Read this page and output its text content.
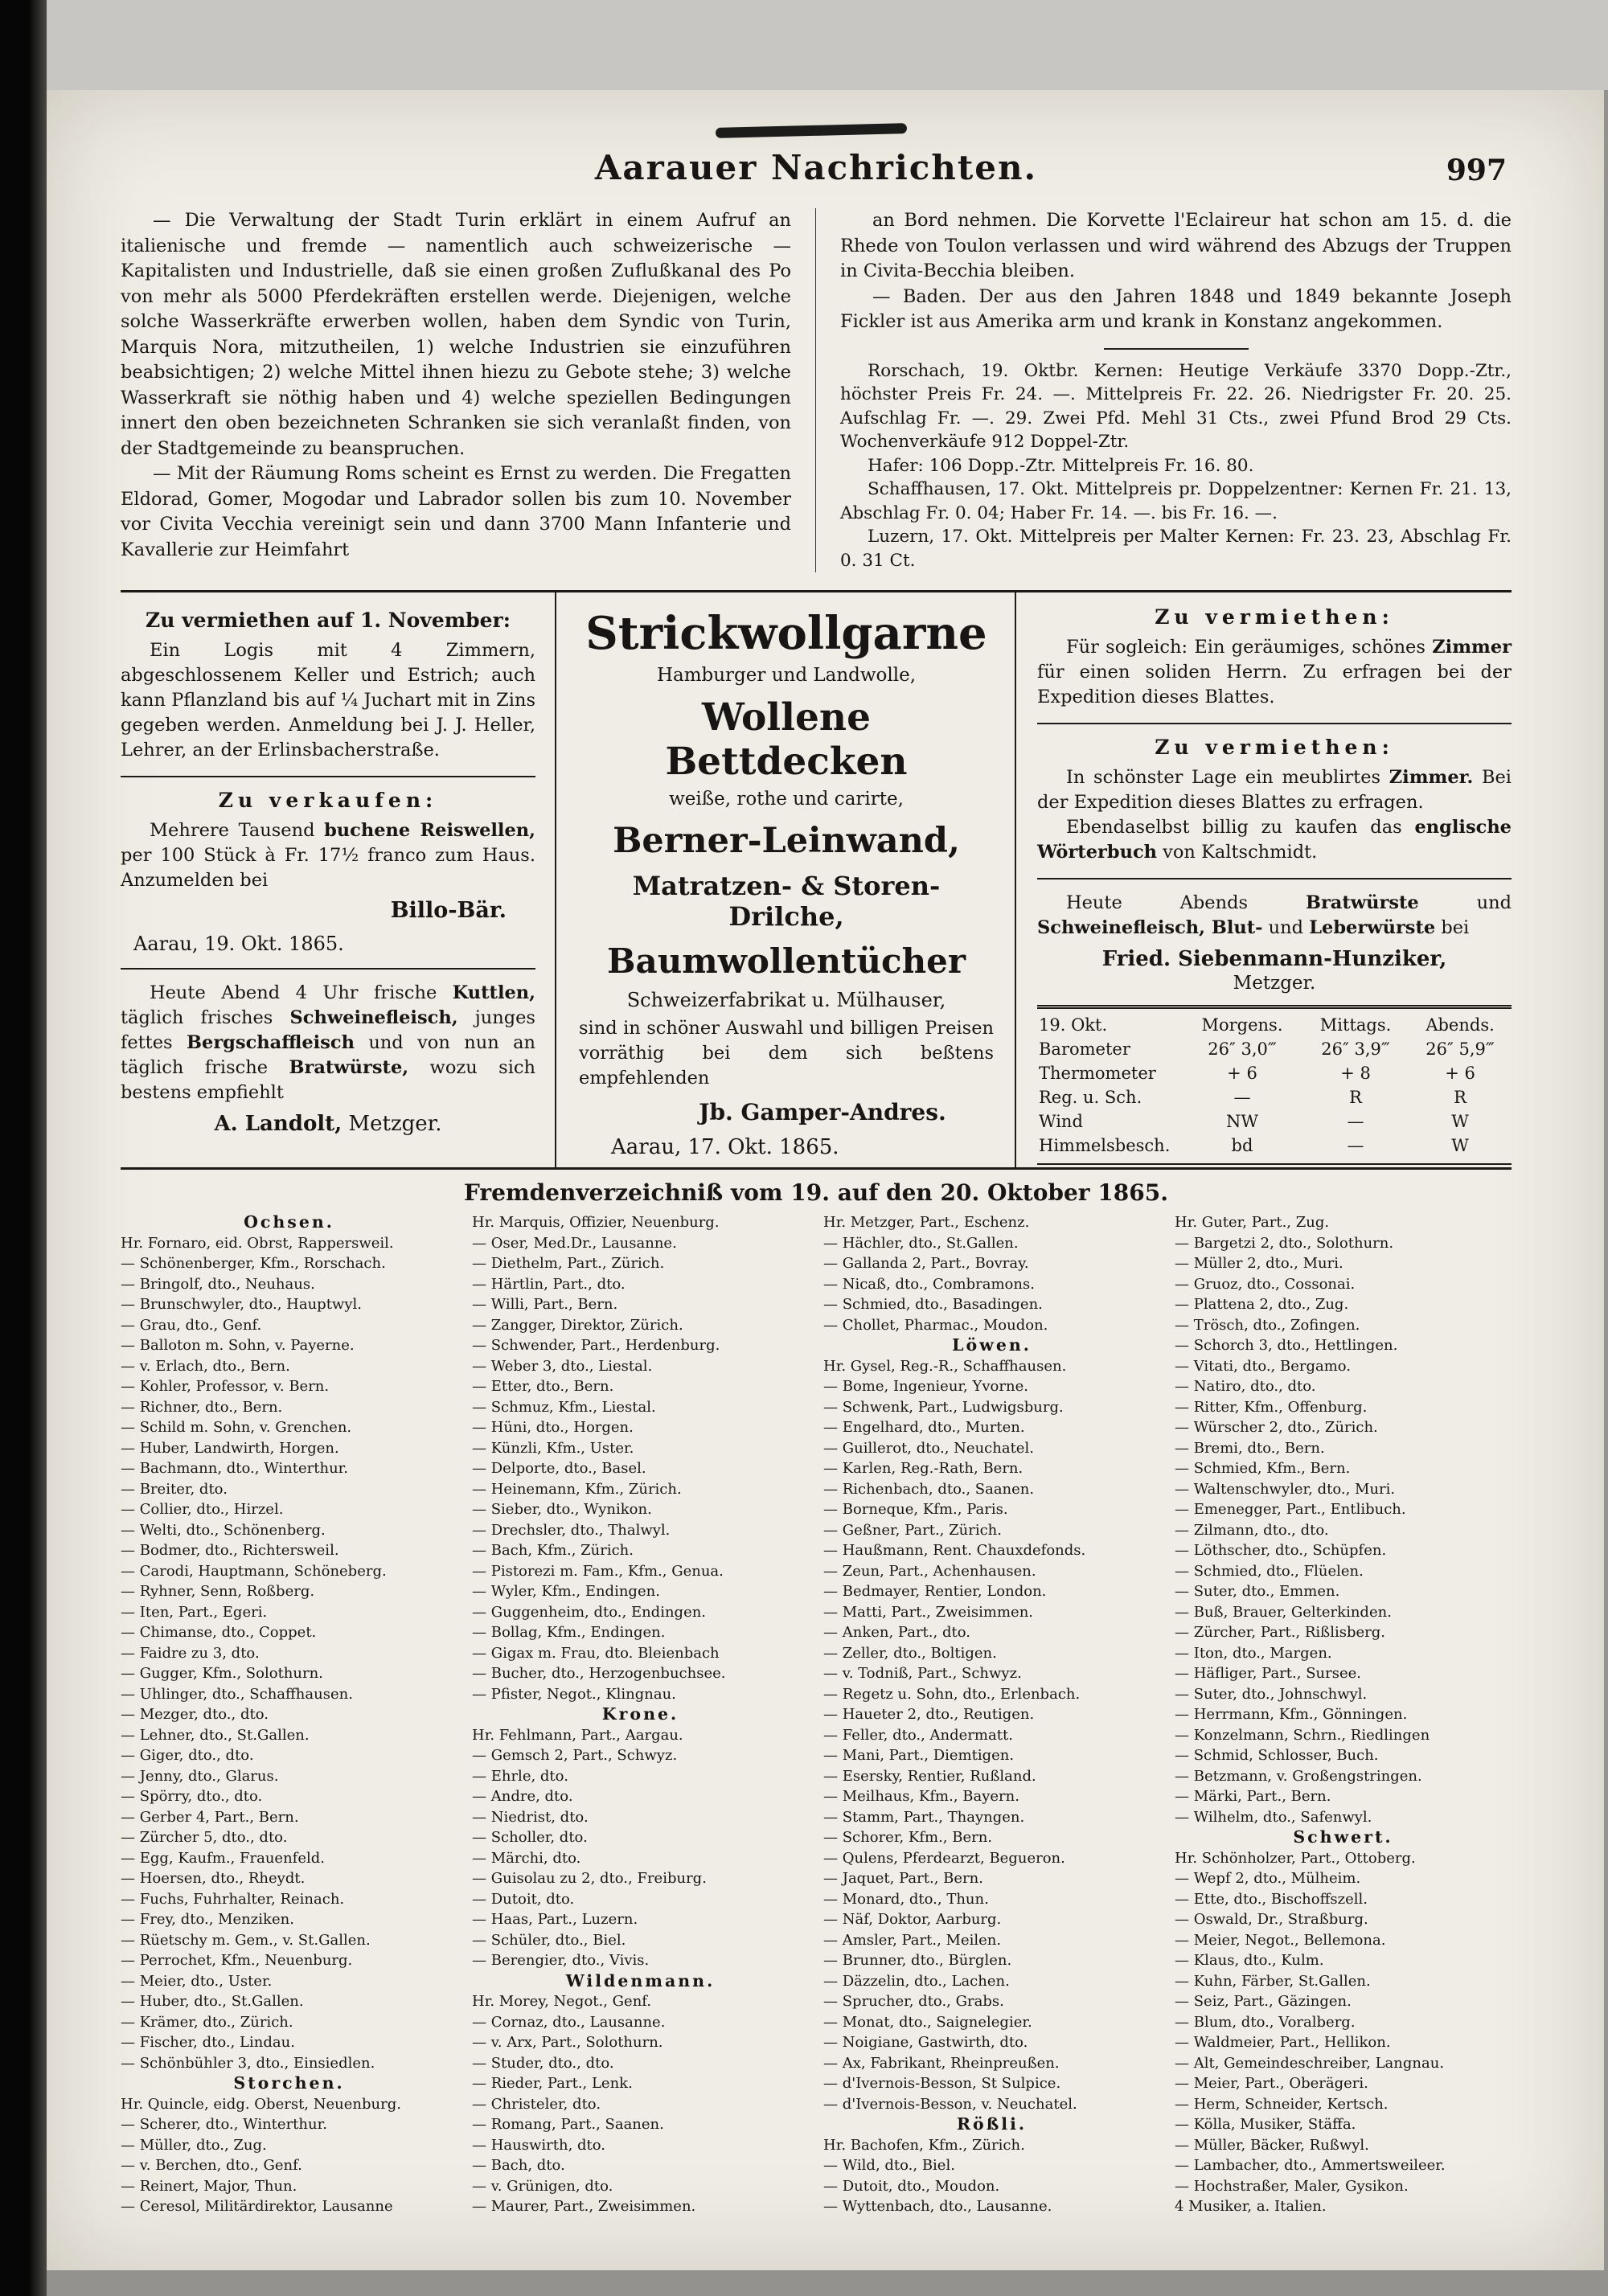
Aarauer Nachrichten.	997

— Die Verwaltung der Stadt Turin erklärt in einem Aufruf an italienische und fremde — namentlich auch schweizerische — Kapitalisten und Industrielle, daß sie einen großen Zuflußkanal des Po von mehr als 5000 Pferdekräften erstellen werde. Diejenigen, welche solche Wasserkräfte erwerben wollen, haben dem Syndic von Turin, Marquis Nora, mitzutheilen, 1) welche Industrien sie einzuführen beabsichtigen; 2) welche Mittel ihnen hiezu zu Gebote stehe; 3) welche Wasserkraft sie nöthig haben und 4) welche speziellen Bedingungen innert den oben bezeichneten Schranken sie sich veranlaßt finden, von der Stadtgemeinde zu beanspruchen.

— Mit der Räumung Roms scheint es Ernst zu werden. Die Fregatten Eldorad, Gomer, Mogodar und Labrador sollen bis zum 10. November vor Civita Vecchia vereinigt sein und dann 3700 Mann Infanterie und Kavallerie zur Heimfahrt

an Bord nehmen. Die Korvette l'Eclaireur hat schon am 15. d. die Rhede von Toulon verlassen und wird während des Abzugs der Truppen in Civita-Becchia bleiben.

— Baden. Der aus den Jahren 1848 und 1849 bekannte Joseph Fickler ist aus Amerika arm und krank in Konstanz angekommen.

Rorschach, 19. Oktbr. Kernen: Heutige Verkäufe 3370 Dopp.-Ztr., höchster Preis Fr. 24. —. Mittelpreis Fr. 22. 26. Niedrigster Fr. 20. 25. Aufschlag Fr. —. 29. Zwei Pfd. Mehl 31 Cts., zwei Pfund Brod 29 Cts. Wochenverkäufe 912 Doppel-Ztr.

Hafer: 106 Dopp.-Ztr. Mittelpreis Fr. 16. 80.

Schaffhausen, 17. Okt. Mittelpreis pr. Doppelzentner: Kernen Fr. 21. 13, Abschlag Fr. 0. 04; Haber Fr. 14. —. bis Fr. 16. —.

Luzern, 17. Okt. Mittelpreis per Malter Kernen: Fr. 23. 23, Abschlag Fr. 0. 31 Ct.

Zu vermiethen auf 1. November:

Ein Logis mit 4 Zimmern, abgeschlossenem Keller und Estrich; auch kann Pflanzland bis auf ¼ Juchart mit in Zins gegeben werden. Anmeldung bei J. J. Heller, Lehrer, an der Erlinsbacherstraße.

Zu verkaufen:

Mehrere Tausend buchene Reiswellen, per 100 Stück à Fr. 17½ franco zum Haus. Anzumelden bei

Billo-Bär.

Aarau, 19. Okt. 1865.

Heute Abend 4 Uhr frische Kuttlen, täglich frisches Schweinefleisch, junges fettes Bergschaffleisch und von nun an täglich frische Bratwürste, wozu sich bestens empfiehlt

A. Landolt, Metzger.

Strickwollgarne

Hamburger und Landwolle,

Wollene Bettdecken

weiße, rothe und carirte,

Berner-Leinwand,

Matratzen- & Storen-Drilche,

Baumwollentücher

Schweizerfabrikat u. Mülhauser,

sind in schöner Auswahl und billigen Preisen vorräthig bei dem sich beßtens empfehlenden

Jb. Gamper-Andres.

Aarau, 17. Okt. 1865.

Zu vermiethen:

Für sogleich: Ein geräumiges, schönes Zimmer für einen soliden Herrn. Zu erfragen bei der Expedition dieses Blattes.

Zu vermiethen:

In schönster Lage ein meublirtes Zimmer. Bei der Expedition dieses Blattes zu erfragen.

Ebendaselbst billig zu kaufen das englische Wörterbuch von Kaltschmidt.

Heute Abends Bratwürste und Schweinefleisch, Blut- und Leberwürste bei

Fried. Siebenmann-Hunziker,

Metzger.

19. Okt.	Morgens.	Mittags.	Abends.
Barometer	26″ 3,0‴	26″ 3,9‴	26″ 5,9‴
Thermometer	+ 6	+ 8	+ 6
Reg. u. Sch.	—	R	R
Wind	NW	—	W
Himmelsbesch.	bd	—	W

Fremdenverzeichniß vom 19. auf den 20. Oktober 1865.

Ochsen.
Hr. Fornaro, eid. Obrst, Rappersweil.
— Schönenberger, Kfm., Rorschach.
— Bringolf, dto., Neuhaus.
— Brunschwyler, dto., Hauptwyl.
— Grau, dto., Genf.
— Balloton m. Sohn, v. Payerne.
— v. Erlach, dto., Bern.
— Kohler, Professor, v. Bern.
— Richner, dto., Bern.
— Schild m. Sohn, v. Grenchen.
— Huber, Landwirth, Horgen.
— Bachmann, dto., Winterthur.
— Breiter, dto.
— Collier, dto., Hirzel.
— Welti, dto., Schönenberg.
— Bodmer, dto., Richtersweil.
— Carodi, Hauptmann, Schöneberg.
— Ryhner, Senn, Roßberg.
— Iten, Part., Egeri.
— Chimanse, dto., Coppet.
— Faidre zu 3, dto.
— Gugger, Kfm., Solothurn.
— Uhlinger, dto., Schaffhausen.
— Mezger, dto., dto.
— Lehner, dto., St.Gallen.
— Giger, dto., dto.
— Jenny, dto., Glarus.
— Spörry, dto., dto.
— Gerber 4, Part., Bern.
— Zürcher 5, dto., dto.
— Egg, Kaufm., Frauenfeld.
— Hoersen, dto., Rheydt.
— Fuchs, Fuhrhalter, Reinach.
— Frey, dto., Menziken.
— Rüetschy m. Gem., v. St.Gallen.
— Perrochet, Kfm., Neuenburg.
— Meier, dto., Uster.
— Huber, dto., St.Gallen.
— Krämer, dto., Zürich.
— Fischer, dto., Lindau.
— Schönbühler 3, dto., Einsiedlen.
Storchen.
Hr. Quincle, eidg. Oberst, Neuenburg.
— Scherer, dto., Winterthur.
— Müller, dto., Zug.
— v. Berchen, dto., Genf.
— Reinert, Major, Thun.
— Ceresol, Militärdirektor, Lausanne
Hr. Marquis, Offizier, Neuenburg.
— Oser, Med.Dr., Lausanne.
— Diethelm, Part., Zürich.
— Härtlin, Part., dto.
— Willi, Part., Bern.
— Zangger, Direktor, Zürich.
— Schwender, Part., Herdenburg.
— Weber 3, dto., Liestal.
— Etter, dto., Bern.
— Schmuz, Kfm., Liestal.
— Hüni, dto., Horgen.
— Künzli, Kfm., Uster.
— Delporte, dto., Basel.
— Heinemann, Kfm., Zürich.
— Sieber, dto., Wynikon.
— Drechsler, dto., Thalwyl.
— Bach, Kfm., Zürich.
— Pistorezi m. Fam., Kfm., Genua.
— Wyler, Kfm., Endingen.
— Guggenheim, dto., Endingen.
— Bollag, Kfm., Endingen.
— Gigax m. Frau, dto. Bleienbach
— Bucher, dto., Herzogenbuchsee.
— Pfister, Negot., Klingnau.
Krone.
Hr. Fehlmann, Part., Aargau.
— Gemsch 2, Part., Schwyz.
— Ehrle, dto.
— Andre, dto.
— Niedrist, dto.
— Scholler, dto.
— Märchi, dto.
— Guisolau zu 2, dto., Freiburg.
— Dutoit, dto.
— Haas, Part., Luzern.
— Schüler, dto., Biel.
— Berengier, dto., Vivis.
Wildenmann.
Hr. Morey, Negot., Genf.
— Cornaz, dto., Lausanne.
— v. Arx, Part., Solothurn.
— Studer, dto., dto.
— Rieder, Part., Lenk.
— Christeler, dto.
— Romang, Part., Saanen.
— Hauswirth, dto.
— Bach, dto.
— v. Grünigen, dto.
— Maurer, Part., Zweisimmen.
Hr. Metzger, Part., Eschenz.
— Hächler, dto., St.Gallen.
— Gallanda 2, Part., Bovray.
— Nicaß, dto., Combramons.
— Schmied, dto., Basadingen.
— Chollet, Pharmac., Moudon.
Löwen.
Hr. Gysel, Reg.-R., Schaffhausen.
— Bome, Ingenieur, Yvorne.
— Schwenk, Part., Ludwigsburg.
— Engelhard, dto., Murten.
— Guillerot, dto., Neuchatel.
— Karlen, Reg.-Rath, Bern.
— Richenbach, dto., Saanen.
— Borneque, Kfm., Paris.
— Geßner, Part., Zürich.
— Haußmann, Rent. Chauxdefonds.
— Zeun, Part., Achenhausen.
— Bedmayer, Rentier, London.
— Matti, Part., Zweisimmen.
— Anken, Part., dto.
— Zeller, dto., Boltigen.
— v. Todniß, Part., Schwyz.
— Regetz u. Sohn, dto., Erlenbach.
— Haueter 2, dto., Reutigen.
— Feller, dto., Andermatt.
— Mani, Part., Diemtigen.
— Esersky, Rentier, Rußland.
— Meilhaus, Kfm., Bayern.
— Stamm, Part., Thayngen.
— Schorer, Kfm., Bern.
— Qulens, Pferdearzt, Begueron.
— Jaquet, Part., Bern.
— Monard, dto., Thun.
— Näf, Doktor, Aarburg.
— Amsler, Part., Meilen.
— Brunner, dto., Bürglen.
— Däzzelin, dto., Lachen.
— Sprucher, dto., Grabs.
— Monat, dto., Saignelegier.
— Noigiane, Gastwirth, dto.
— Ax, Fabrikant, Rheinpreußen.
— d'Ivernois-Besson, St Sulpice.
— d'Ivernois-Besson, v. Neuchatel.
Rößli.
Hr. Bachofen, Kfm., Zürich.
— Wild, dto., Biel.
— Dutoit, dto., Moudon.
— Wyttenbach, dto., Lausanne.
Hr. Guter, Part., Zug.
— Bargetzi 2, dto., Solothurn.
— Müller 2, dto., Muri.
— Gruoz, dto., Cossonai.
— Plattena 2, dto., Zug.
— Trösch, dto., Zofingen.
— Schorch 3, dto., Hettlingen.
— Vitati, dto., Bergamo.
— Natiro, dto., dto.
— Ritter, Kfm., Offenburg.
— Würscher 2, dto., Zürich.
— Bremi, dto., Bern.
— Schmied, Kfm., Bern.
— Waltenschwyler, dto., Muri.
— Emenegger, Part., Entlibuch.
— Zilmann, dto., dto.
— Löthscher, dto., Schüpfen.
— Schmied, dto., Flüelen.
— Suter, dto., Emmen.
— Buß, Brauer, Gelterkinden.
— Zürcher, Part., Rißlisberg.
— Iton, dto., Margen.
— Häfliger, Part., Sursee.
— Suter, dto., Johnschwyl.
— Herrmann, Kfm., Gönningen.
— Konzelmann, Schrn., Riedlingen
— Schmid, Schlosser, Buch.
— Betzmann, v. Großengstringen.
— Märki, Part., Bern.
— Wilhelm, dto., Safenwyl.
Schwert.
Hr. Schönholzer, Part., Ottoberg.
— Wepf 2, dto., Mülheim.
— Ette, dto., Bischoffszell.
— Oswald, Dr., Straßburg.
— Meier, Negot., Bellemona.
— Klaus, dto., Kulm.
— Kuhn, Färber, St.Gallen.
— Seiz, Part., Gäzingen.
— Blum, dto., Voralberg.
— Waldmeier, Part., Hellikon.
— Alt, Gemeindeschreiber, Langnau.
— Meier, Part., Oberägeri.
— Herm, Schneider, Kertsch.
— Kölla, Musiker, Stäffa.
— Müller, Bäcker, Rußwyl.
— Lambacher, dto., Ammertsweileer.
— Hochstraßer, Maler, Gysikon.
4 Musiker, a. Italien.
